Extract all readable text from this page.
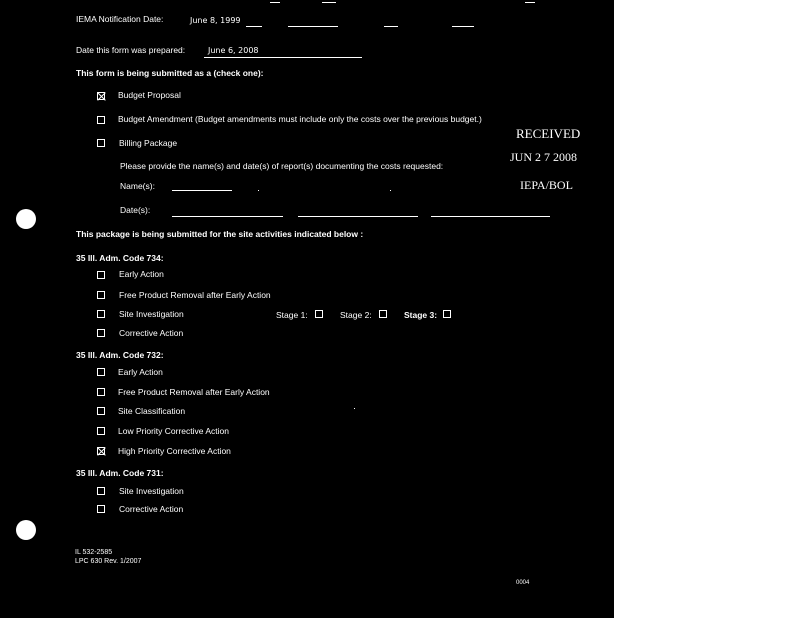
IEMA Notification Date:	June 8, 1999
Date this form was prepared:	June 6, 2008
This form is being submitted as a (check one):
Budget Proposal
Budget Amendment (Budget amendments must include only the costs over the previous budget.)
Billing Package
RECEIVED
JUN 2 7 2008
IEPA/BOL
Please provide the name(s) and date(s) of report(s) documenting the costs requested:
Name(s):
Date(s):
This package is being submitted for the site activities indicated below :
35 Ill. Adm. Code 734:
Early Action
Free Product Removal after Early Action
Site Investigation
Corrective Action
Stage 1:	Stage 2:	Stage 3:
35 Ill. Adm. Code 732:
Early Action
Free Product Removal after Early Action
Site Classification
Low Priority Corrective Action
High Priority Corrective Action
35 Ill. Adm. Code 731:
Site Investigation
Corrective Action
IL 532-2585
LPC 630 Rev. 1/2007
0004
